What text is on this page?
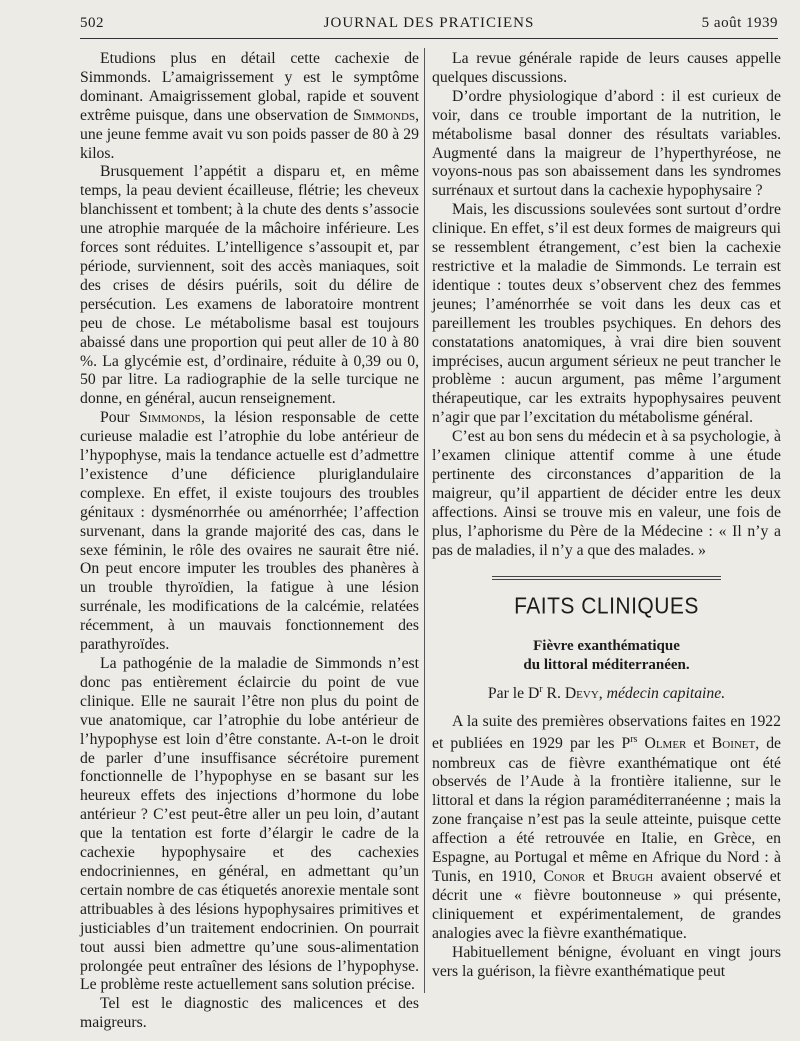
502	JOURNAL DES PRATICIENS	5 août 1939

Etudions plus en détail cette cachexie de Simmonds. L’amaigrissement y est le symptôme dominant. Amaigrissement global, rapide et souvent extrême puisque, dans une observation de Simmonds, une jeune femme avait vu son poids passer de 80 à 29 kilos.

Brusquement l’appétit a disparu et, en même temps, la peau devient écailleuse, flétrie; les cheveux blanchissent et tombent; à la chute des dents s’associe une atrophie marquée de la mâchoire inférieure. Les forces sont réduites. L’intelligence s’assoupit et, par période, surviennent, soit des accès maniaques, soit des crises de désirs puérils, soit du délire de persécution. Les examens de laboratoire montrent peu de chose. Le métabolisme basal est toujours abaissé dans une proportion qui peut aller de 10 à 80 %. La glycémie est, d’ordinaire, réduite à 0,39 ou 0, 50 par litre. La radiographie de la selle turcique ne donne, en général, aucun renseignement.

Pour Simmonds, la lésion responsable de cette curieuse maladie est l’atrophie du lobe antérieur de l’hypophyse, mais la tendance actuelle est d’admettre l’existence d’une déficience pluriglandulaire complexe. En effet, il existe toujours des troubles génitaux : dysménorrhée ou aménorrhée; l’affection survenant, dans la grande majorité des cas, dans le sexe féminin, le rôle des ovaires ne saurait être nié. On peut encore imputer les troubles des phanères à un trouble thyroïdien, la fatigue à une lésion surrénale, les modifications de la calcémie, relatées récemment, à un mauvais fonctionnement des parathyroïdes.

La pathogénie de la maladie de Simmonds n’est donc pas entièrement éclaircie du point de vue clinique. Elle ne saurait l’être non plus du point de vue anatomique, car l’atrophie du lobe antérieur de l’hypophyse est loin d’être constante. A-t-on le droit de parler d’une insuffisance sécrétoire purement fonctionnelle de l’hypophyse en se basant sur les heureux effets des injections d’hormone du lobe antérieur ? C’est peut-être aller un peu loin, d’autant que la tentation est forte d’élargir le cadre de la cachexie hypophysaire et des cachexies endocriniennes, en général, en admettant qu’un certain nombre de cas étiquetés anorexie mentale sont attribuables à des lésions hypophysaires primitives et justiciables d’un traitement endocrinien. On pourrait tout aussi bien admettre qu’une sous-alimentation prolongée peut entraîner des lésions de l’hypophyse. Le problème reste actuellement sans solution précise.

Tel est le diagnostic des malicences et des maigreurs.

La revue générale rapide de leurs causes appelle quelques discussions.

D’ordre physiologique d’abord : il est curieux de voir, dans ce trouble important de la nutrition, le métabolisme basal donner des résultats variables. Augmenté dans la maigreur de l’hyperthyréose, ne voyons-nous pas son abaissement dans les syndromes surrénaux et surtout dans la cachexie hypophysaire ?

Mais, les discussions soulevées sont surtout d’ordre clinique. En effet, s’il est deux formes de maigreurs qui se ressemblent étrangement, c’est bien la cachexie restrictive et la maladie de Simmonds. Le terrain est identique : toutes deux s’observent chez des femmes jeunes; l’aménorrhée se voit dans les deux cas et pareillement les troubles psychiques. En dehors des constatations anatomiques, à vrai dire bien souvent imprécises, aucun argument sérieux ne peut trancher le problème : aucun argument, pas même l’argument thérapeutique, car les extraits hypophysaires peuvent n’agir que par l’excitation du métabolisme général.

C’est au bon sens du médecin et à sa psychologie, à l’examen clinique attentif comme à une étude pertinente des circonstances d’apparition de la maigreur, qu’il appartient de décider entre les deux affections. Ainsi se trouve mis en valeur, une fois de plus, l’aphorisme du Père de la Médecine : « Il n’y a pas de maladies, il n’y a que des malades. »

FAITS CLINIQUES
Fièvre exanthématique
du littoral méditerranéen.
Par le $D^r$ R. Devy, médecin capitaine.

A la suite des premières observations faites en 1922 et publiées en 1929 par les $P^{rs}$ Olmer et Boinet, de nombreux cas de fièvre exanthématique ont été observés de l’Aude à la frontière italienne, sur le littoral et dans la région paraméditerranéenne ; mais la zone française n’est pas la seule atteinte, puisque cette affection a été retrouvée en Italie, en Grèce, en Espagne, au Portugal et même en Afrique du Nord : à Tunis, en 1910, Conor et Brugh avaient observé et décrit une « fièvre boutonneuse » qui présente, cliniquement et expérimentalement, de grandes analogies avec la fièvre exanthématique.

Habituellement bénigne, évoluant en vingt jours vers la guérison, la fièvre exanthématique peut
